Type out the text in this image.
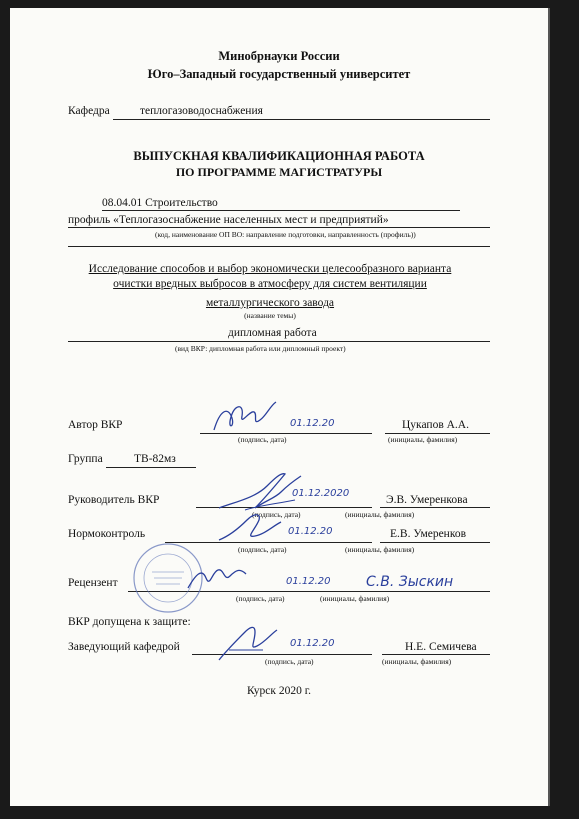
Минобрнауки России
Юго–Западный государственный университет
Кафедра	теплогазоводоснабжения
ВЫПУСКНАЯ КВАЛИФИКАЦИОННАЯ РАБОТА
ПО ПРОГРАММЕ МАГИСТРАТУРЫ
08.04.01 Строительство
профиль «Теплогазоснабжение населенных мест и предприятий»
(код, наименование ОП ВО: направление подготовки, направленность (профиль))
Исследование способов и выбор экономически целесообразного варианта
очистки вредных выбросов в атмосферу для систем вентиляции
металлургического завода
(название темы)
дипломная работа
(вид ВКР: дипломная работа или дипломный проект)
Автор ВКР	Цукапов А.А.
(подпись, дата)	(инициалы, фамилия)
01.12.20
Группа	ТВ-82мз
Руководитель ВКР	Э.В. Умеренкова
(подпись, дата)	(инициалы, фамилия)
01.12.2020
Нормоконтроль	Е.В. Умеренков
(подпись, дата)	(инициалы, фамилия)
01.12.20
Рецензент
(подпись, дата)	(инициалы, фамилия)
01.12.20	С.В. Зыскин
ВКР допущена к защите:
Заведующий кафедрой	Н.Е. Семичева
(подпись, дата)	(инициалы, фамилия)
01.12.20
Курск 2020 г.
